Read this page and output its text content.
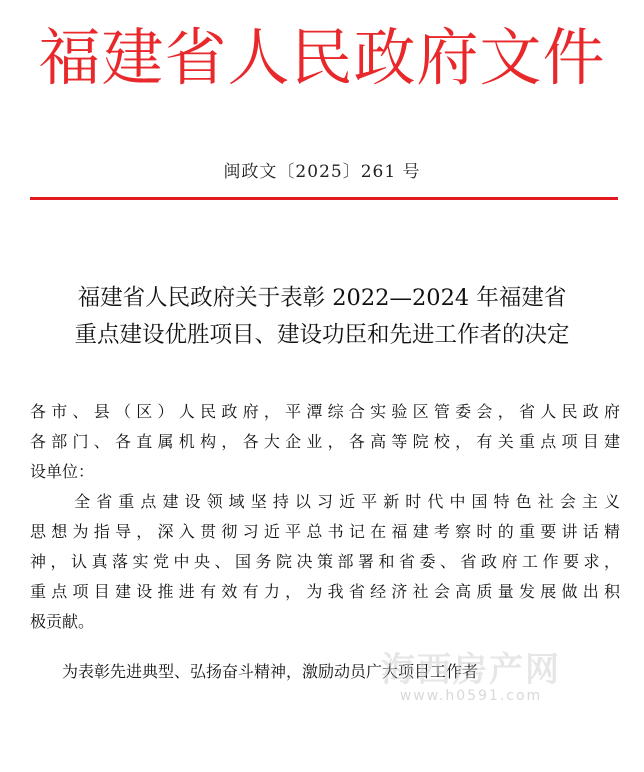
福建省人民政府文件
闽政文〔2025〕261 号
福建省人民政府关于表彰 2022—2024 年福建省
重点建设优胜项目、建设功臣和先进工作者的决定
各市、县（区）人民政府，平潭综合实验区管委会，省人民政府
各部门、各直属机构，各大企业，各高等院校，有关重点项目建
设单位：
　　全省重点建设领域坚持以习近平新时代中国特色社会主义
思想为指导，深入贯彻习近平总书记在福建考察时的重要讲话精
神，认真落实党中央、国务院决策部署和省委、省政府工作要求，
重点项目建设推进有效有力，为我省经济社会高质量发展做出积
极贡献。
　　为表彰先进典型、弘扬奋斗精神，激励动员广大项目工作者
海西房产网
www.h0591.com
